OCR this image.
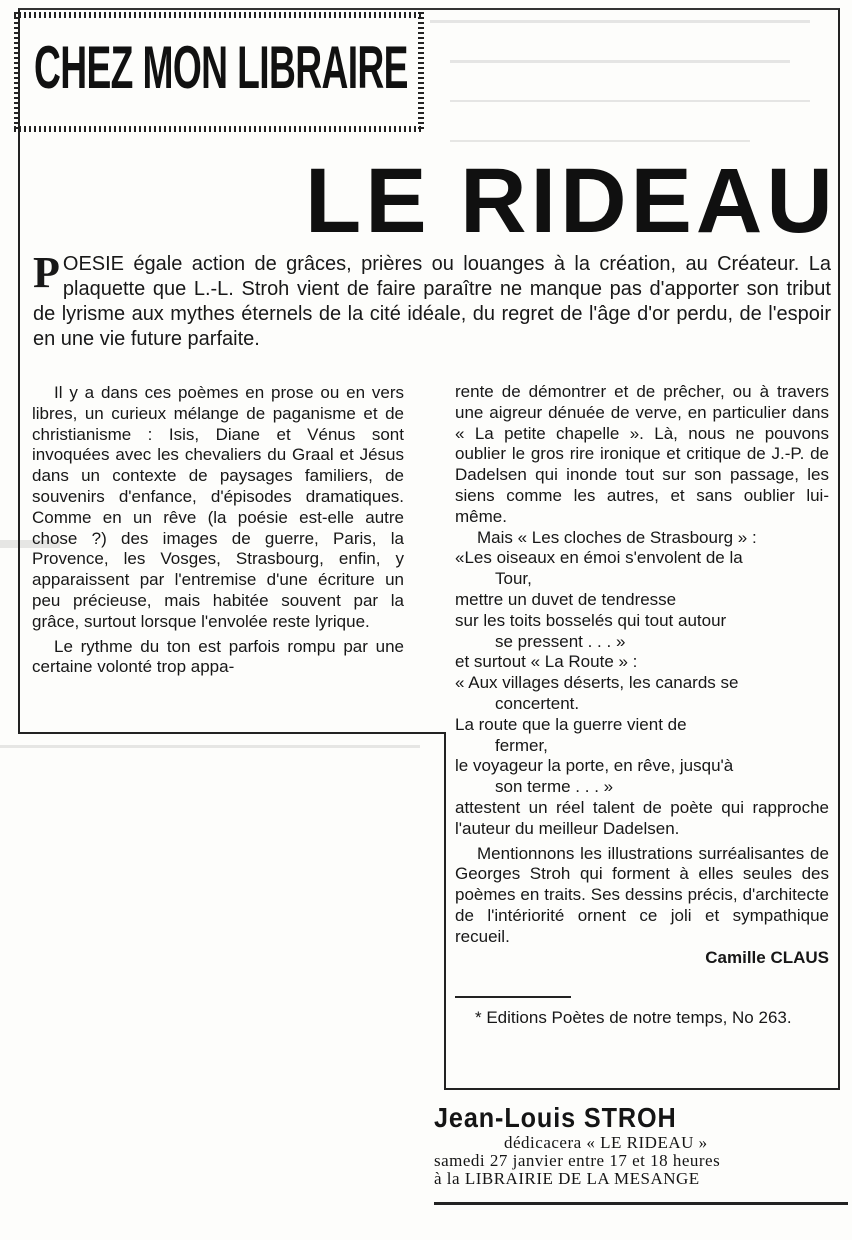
CHEZ MON LIBRAIRE
LE RIDEAU
POESIE égale action de grâces, prières ou louanges à la création, au Créateur. La plaquette que L.-L. Stroh vient de faire paraître ne manque pas d'apporter son tribut de lyrisme aux mythes éternels de la cité idéale, du regret de l'âge d'or perdu, de l'espoir en une vie future parfaite.

Il y a dans ces poèmes en prose ou en vers libres, un curieux mélange de paganisme et de christianisme : Isis, Diane et Vénus sont invoquées avec les chevaliers du Graal et Jésus dans un contexte de paysages familiers, de souvenirs d'enfance, d'épisodes dramatiques. Comme en un rêve (la poésie est-elle autre chose ?) des images de guerre, Paris, la Provence, les Vosges, Strasbourg, enfin, y apparaissent par l'entremise d'une écriture un peu précieuse, mais habitée souvent par la grâce, surtout lorsque l'envolée reste lyrique.

Le rythme du ton est parfois rompu par une certaine volonté trop appa-

rente de démontrer et de prêcher, ou à travers une aigreur dénuée de verve, en particulier dans « La petite chapelle ». Là, nous ne pouvons oublier le gros rire ironique et critique de J.-P. de Dadelsen qui inonde tout sur son passage, les siens comme les autres, et sans oublier lui-même.

Mais « Les cloches de Strasbourg » :

«Les oiseaux en émoi s'envolent de la
Tour,
mettre un duvet de tendresse
sur les toits bosselés qui tout autour
se pressent . . . »

et surtout « La Route » :

« Aux villages déserts, les canards se
concertent.
La route que la guerre vient de
fermer,
le voyageur la porte, en rêve, jusqu'à
son terme . . . »

attestent un réel talent de poète qui rapproche l'auteur du meilleur Dadelsen.

Mentionnons les illustrations surréalisantes de Georges Stroh qui forment à elles seules des poèmes en traits. Ses dessins précis, d'architecte de l'intériorité ornent ce joli et sympathique recueil.

Camille CLAUS

* Editions Poètes de notre temps, No 263.

Jean-Louis STROH
dédicacera « LE RIDEAU »
samedi 27 janvier entre 17 et 18 heures
à la LIBRAIRIE DE LA MESANGE
